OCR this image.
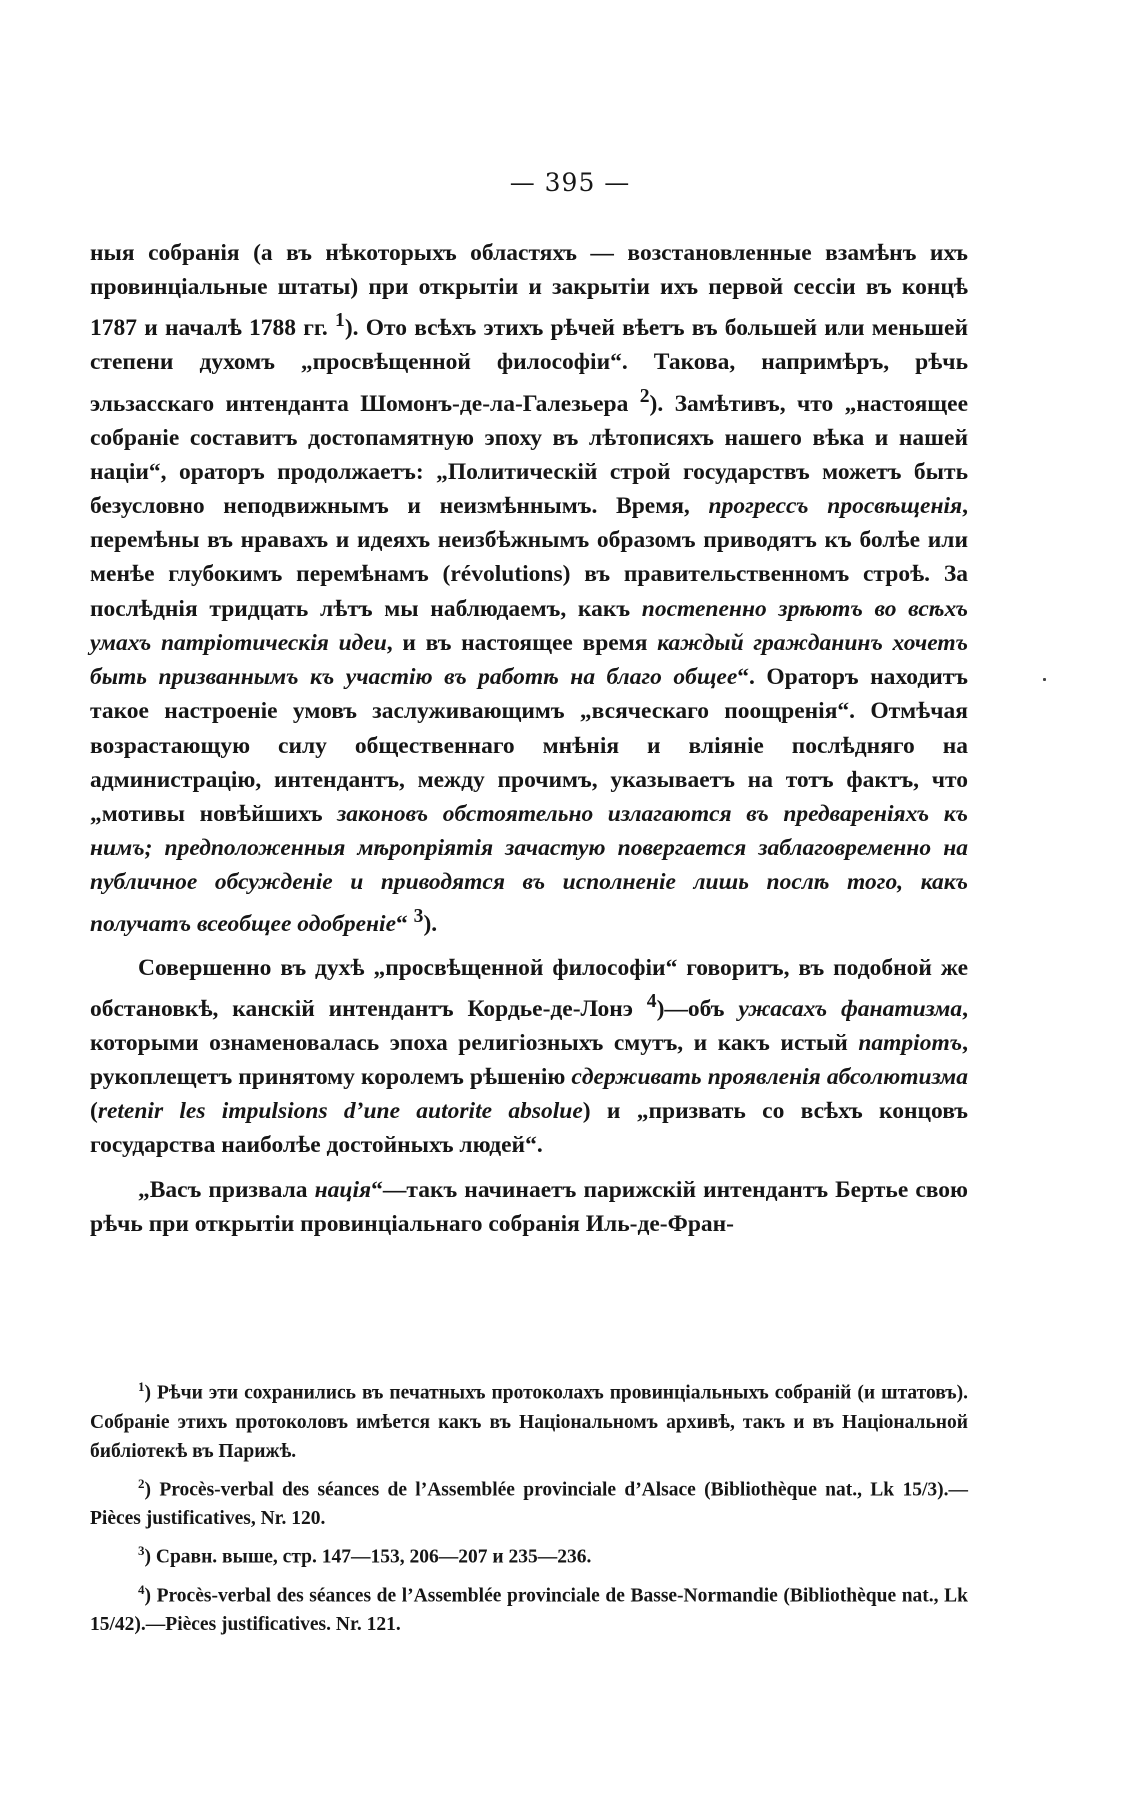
— 395 —

ныя собранія (а въ нѣкоторыхъ областяхъ — возстановленные взамѣнъ ихъ провинціальные штаты) при открытіи и закрытіи ихъ первой сессіи въ концѣ 1787 и началѣ 1788 гг. $^1$). Ото всѣхъ этихъ рѣчей вѣетъ въ большей или меньшей степени духомъ „просвѣщенной философіи“. Такова, напримѣръ, рѣчь эльзасскаго интенданта Шомонъ-де-ла-Галезьера $^2$). Замѣтивъ, что „настоящее собраніе составитъ достопамятную эпоху въ лѣтописяхъ нашего вѣка и нашей націи“, ораторъ продолжаетъ: „Политическій строй государствъ можетъ быть безусловно неподвижнымъ и неизмѣннымъ. Время, прогрессъ просвѣщенія, перемѣны въ нравахъ и идеяхъ неизбѣжнымъ образомъ приводятъ къ болѣе или менѣе глубокимъ перемѣнамъ (révolutions) въ правительственномъ строѣ. За послѣднія тридцать лѣтъ мы наблюдаемъ, какъ постепенно зрѣютъ во всѣхъ умахъ патріотическія идеи, и въ настоящее время каждый гражданинъ хочетъ быть призваннымъ къ участію въ работѣ на благо общее“. Ораторъ находитъ такое настроеніе умовъ заслуживающимъ „всяческаго поощренія“. Отмѣчая возрастающую силу общественнаго мнѣнія и вліяніе послѣдняго на администрацію, интендантъ, между прочимъ, указываетъ на тотъ фактъ, что „мотивы новѣйшихъ законовъ обстоятельно излагаются въ предвареніяхъ къ нимъ; предположенныя мѣропріятія зачастую повергается заблаговременно на публичное обсужденіе и приводятся въ исполненіе лишь послѣ того, какъ получатъ всеобщее одобреніе“ $^3$).

Совершенно въ духѣ „просвѣщенной философіи“ говоритъ, въ подобной же обстановкѣ, канскій интендантъ Кордье-де-Лонэ $^4$)—объ ужасахъ фанатизма, которыми ознаменовалась эпоха религіозныхъ смутъ, и какъ истый патріотъ, рукоплещетъ принятому королемъ рѣшенію сдерживать проявленія абсолютизма (retenir les impulsions d’une autorite absolue) и „призвать со всѣхъ концовъ государства наиболѣе достойныхъ людей“.

„Васъ призвала нація“—такъ начинаетъ парижскій интендантъ Бертье свою рѣчь при открытіи провинціальнаго собранія Иль-де-Фран-

$^1$) Рѣчи эти сохранились въ печатныхъ протоколахъ провинціальныхъ собраній (и штатовъ). Собраніе этихъ протоколовъ имѣется какъ въ Національномъ архивѣ, такъ и въ Національной библіотекѣ въ Парижѣ.

$^2$) Procès-verbal des séances de l’Assemblée provinciale d’Alsace (Bibliothèque nat., Lk 15/3).— Pièces justificatives, Nr. 120.

$^3$) Сравн. выше, стр. 147—153, 206—207 и 235—236.

$^4$) Procès-verbal des séances de l’Assemblée provinciale de Basse-Normandie (Bibliothèque nat., Lk 15/42).—Pièces justificatives. Nr. 121.
